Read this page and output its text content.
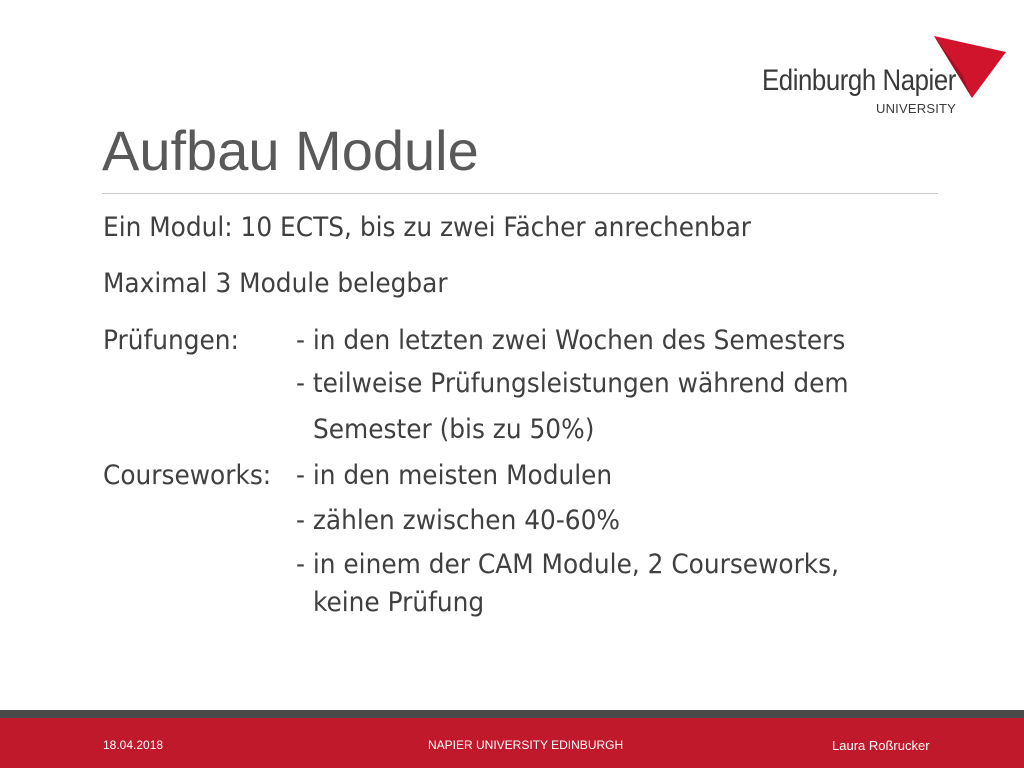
Edinburgh Napier
UNIVERSITY
Aufbau Module
Ein Modul: 10 ECTS, bis zu zwei Fächer anrechenbar
Maximal 3 Module belegbar
Prüfungen: - in den letzten zwei Wochen des Semesters
- teilweise Prüfungsleistungen während dem
Semester (bis zu 50%)
Courseworks: - in den meisten Modulen
- zählen zwischen 40-60%
- in einem der CAM Module, 2 Courseworks,
keine Prüfung
18.04.2018	NAPIER UNIVERSITY EDINBURGH	Laura Roßrucker
